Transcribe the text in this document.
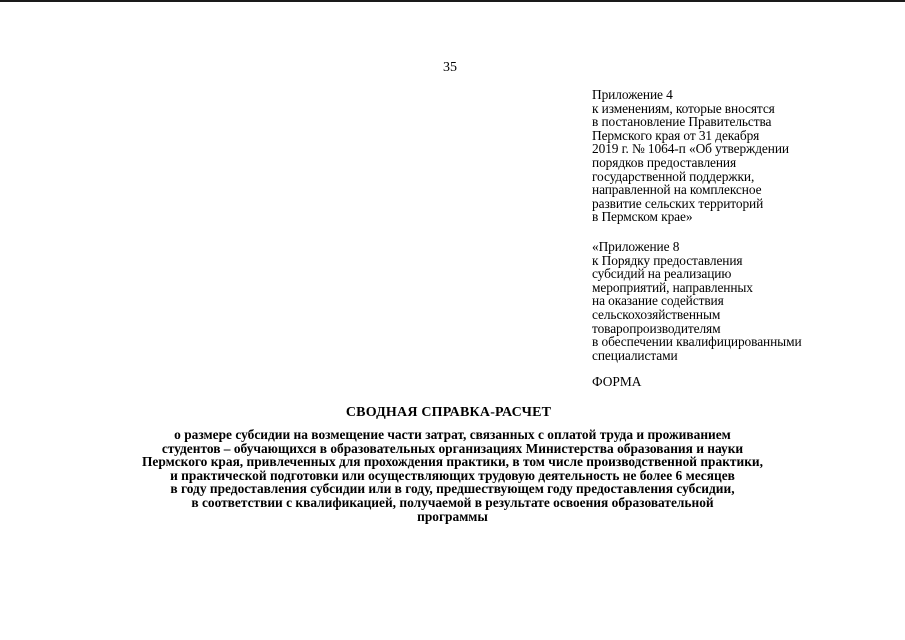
35
Приложение 4
к изменениям, которые вносятся
в постановление Правительства
Пермского края от 31 декабря
2019 г. № 1064-п «Об утверждении
порядков предоставления
государственной поддержки,
направленной на комплексное
развитие сельских территорий
в Пермском крае»
«Приложение 8
к Порядку предоставления
субсидий на реализацию
мероприятий, направленных
на оказание содействия
сельскохозяйственным
товаропроизводителям
в обеспечении квалифицированными
специалистами
ФОРМА
СВОДНАЯ СПРАВКА-РАСЧЕТ
о размере субсидии на возмещение части затрат, связанных с оплатой труда и проживанием
студентов – обучающихся в образовательных организациях Министерства образования и науки
Пермского края, привлеченных для прохождения практики, в том числе производственной практики,
и практической подготовки или осуществляющих трудовую деятельность не более 6 месяцев
в году предоставления субсидии или в году, предшествующем году предоставления субсидии,
в соответствии с квалификацией, получаемой в результате освоения образовательной
программы
